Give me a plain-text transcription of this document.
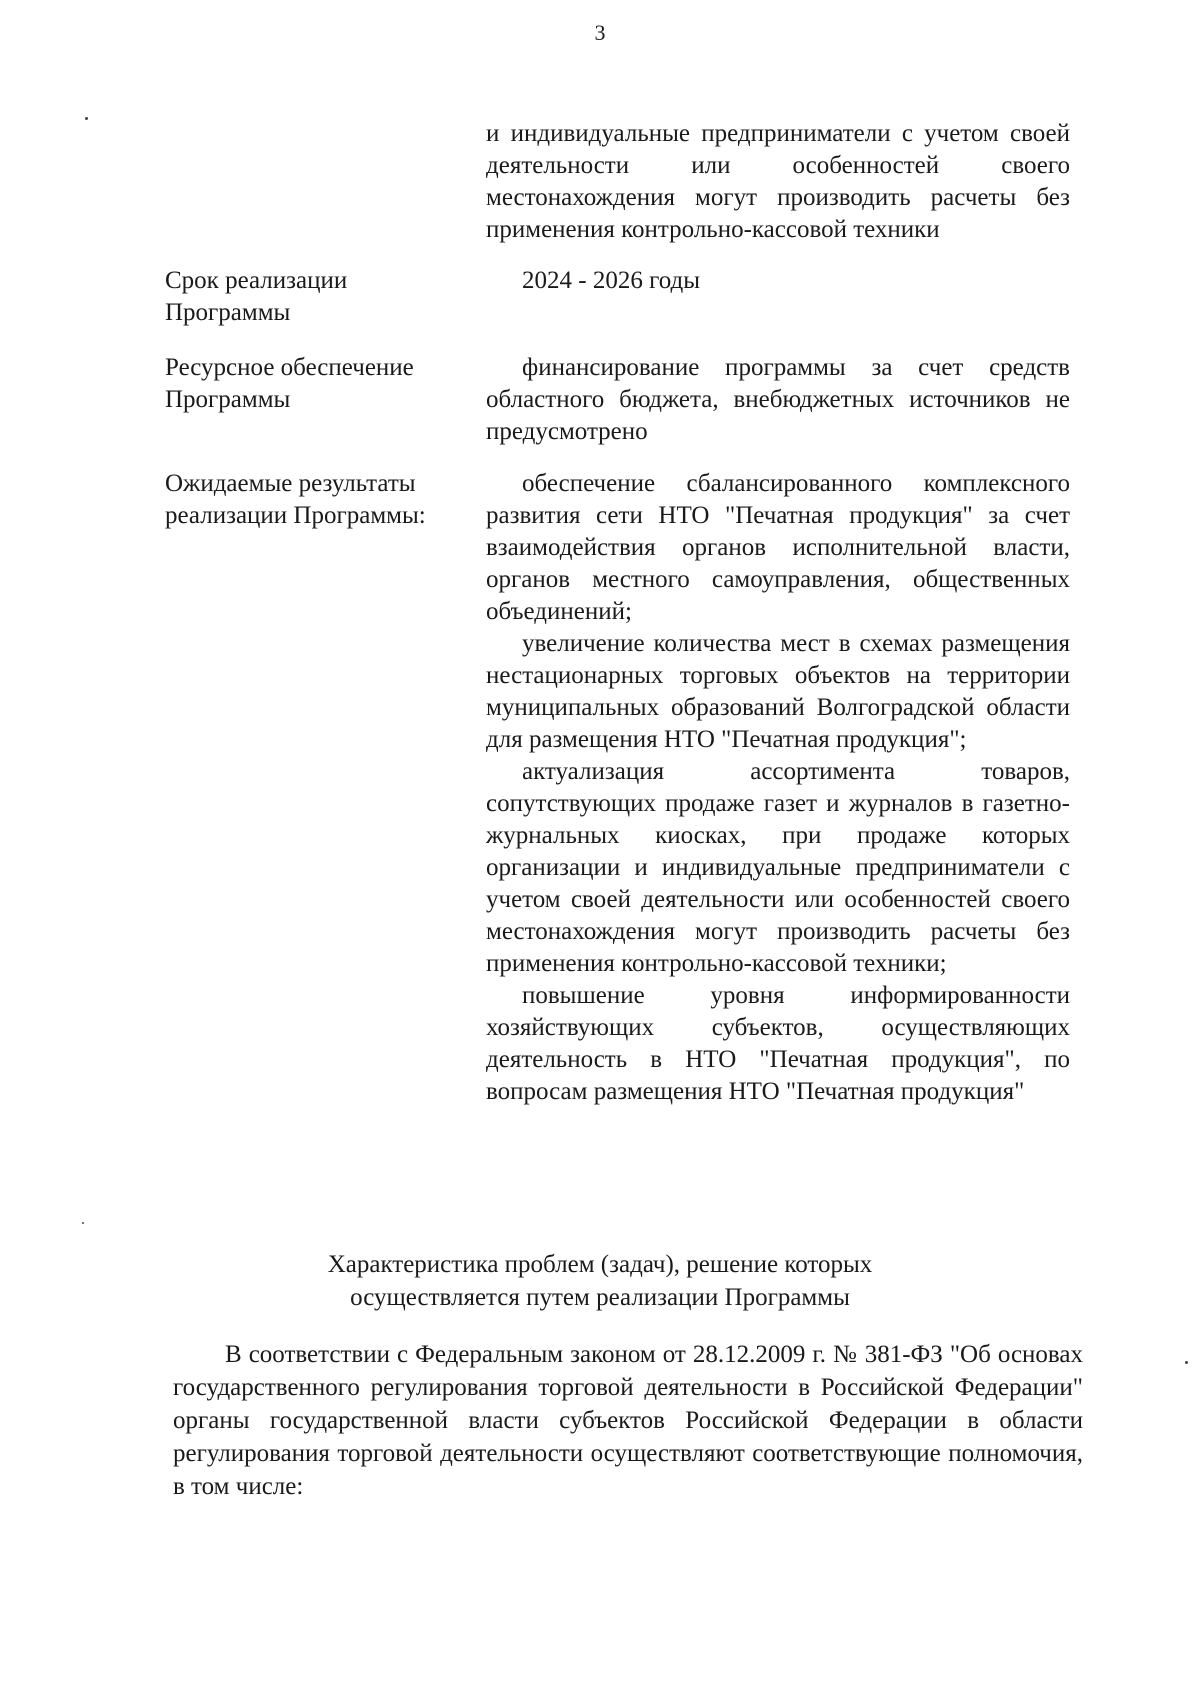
3

и индивидуальные предприниматели с учетом своей деятельности или особенностей своего местонахождения могут производить расчеты без применения контрольно-кассовой техники

Срок реализации
Программы

2024 - 2026 годы

Ресурсное обеспечение
Программы

финансирование программы за счет средств областного бюджета, внебюджетных источников не предусмотрено

Ожидаемые результаты
реализации Программы:

обеспечение сбалансированного комплексного развития сети НТО "Печатная продукция" за счет взаимодействия органов исполнительной власти, органов местного самоуправления, общественных объединений;

увеличение количества мест в схемах размещения нестационарных торговых объектов на территории муниципальных образований Волгоградской области для размещения НТО "Печатная продукция";

актуализация ассортимента товаров, сопутствующих продаже газет и журналов в газетно-журнальных киосках, при продаже которых организации и индивидуальные предприниматели с учетом своей деятельности или особенностей своего местонахождения могут производить расчеты без применения контрольно-кассовой техники;

повышение уровня информированности хозяйствующих субъектов, осуществляющих деятельность в НТО "Печатная продукция", по вопросам размещения НТО "Печатная продукция"

Характеристика проблем (задач), решение которых
осуществляется путем реализации Программы
В соответствии с Федеральным законом от 28.12.2009 г. № 381-ФЗ "Об основах государственного регулирования торговой деятельности в Российской Федерации" органы государственной власти субъектов Российской Федерации в области регулирования торговой деятельности осуществляют соответствующие полномочия, в том числе:
